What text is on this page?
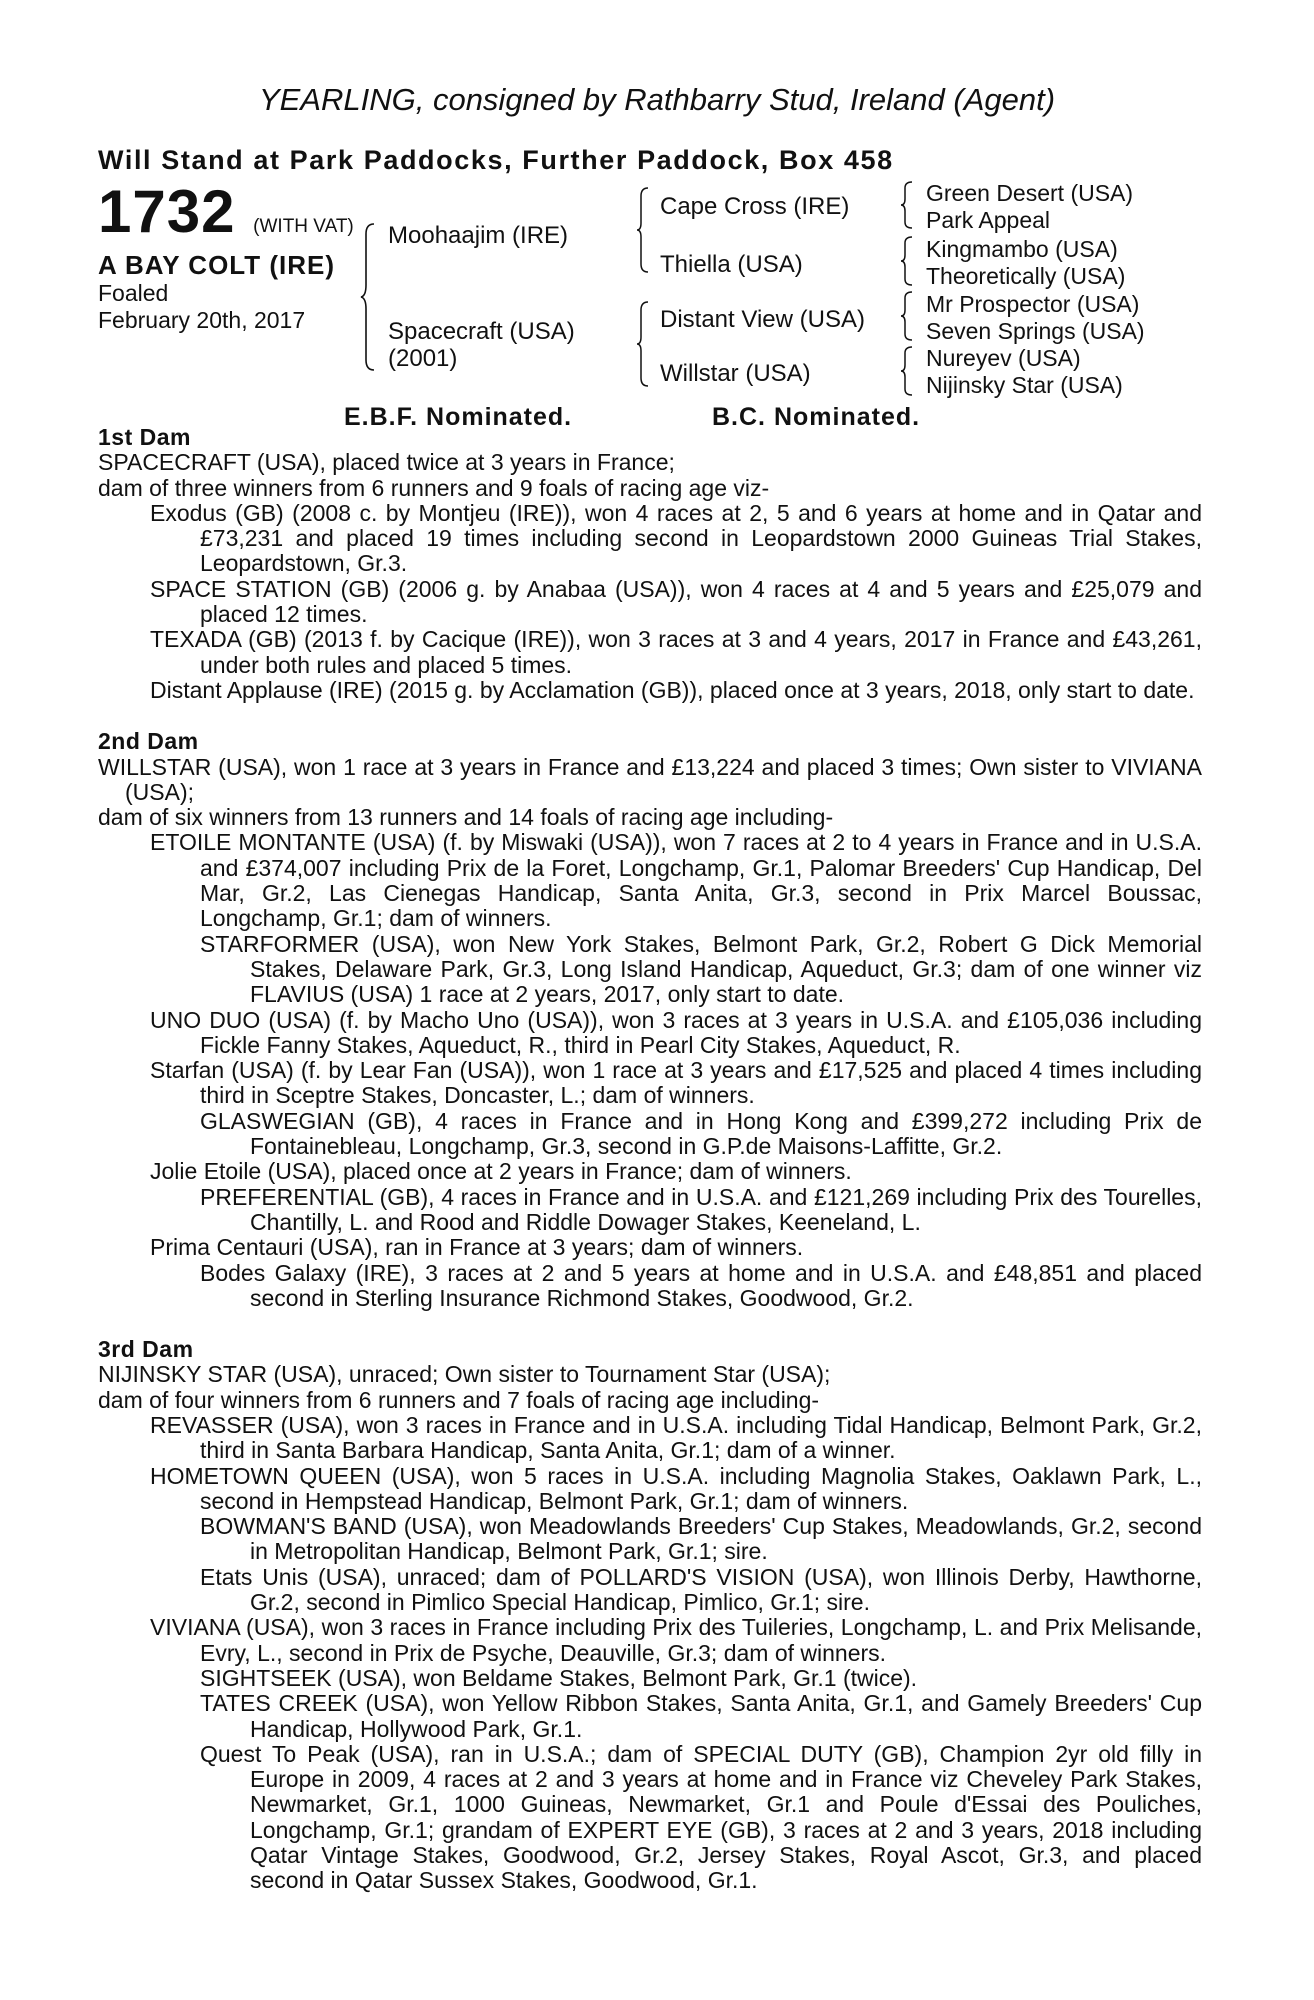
YEARLING, consigned by Rathbarry Stud, Ireland (Agent)
Will Stand at Park Paddocks, Further Paddock, Box 458
1732 (WITH VAT)
A BAY COLT (IRE)
Foaled
February 20th, 2017
Moohaajim (IRE)
Spacecraft (USA)
(2001)
Cape Cross (IRE)
Thiella (USA)
Distant View (USA)
Willstar (USA)
Green Desert (USA)
Park Appeal
Kingmambo (USA)
Theoretically (USA)
Mr Prospector (USA)
Seven Springs (USA)
Nureyev (USA)
Nijinsky Star (USA)
E.B.F. Nominated.	B.C. Nominated.
1st Dam
SPACECRAFT (USA), placed twice at 3 years in France;
dam of three winners from 6 runners and 9 foals of racing age viz-
Exodus (GB) (2008 c. by Montjeu (IRE)), won 4 races at 2, 5 and 6 years at home and in Qatar and £73,231 and placed 19 times including second in Leopardstown 2000 Guineas Trial Stakes, Leopardstown, Gr.3.
SPACE STATION (GB) (2006 g. by Anabaa (USA)), won 4 races at 4 and 5 years and £25,079 and placed 12 times.
TEXADA (GB) (2013 f. by Cacique (IRE)), won 3 races at 3 and 4 years, 2017 in France and £43,261, under both rules and placed 5 times.
Distant Applause (IRE) (2015 g. by Acclamation (GB)), placed once at 3 years, 2018, only start to date.
2nd Dam
WILLSTAR (USA), won 1 race at 3 years in France and £13,224 and placed 3 times; Own sister to VIVIANA (USA);
dam of six winners from 13 runners and 14 foals of racing age including-
ETOILE MONTANTE (USA) (f. by Miswaki (USA)), won 7 races at 2 to 4 years in France and in U.S.A. and £374,007 including Prix de la Foret, Longchamp, Gr.1, Palomar Breeders' Cup Handicap, Del Mar, Gr.2, Las Cienegas Handicap, Santa Anita, Gr.3, second in Prix Marcel Boussac, Longchamp, Gr.1; dam of winners.
STARFORMER (USA), won New York Stakes, Belmont Park, Gr.2, Robert G Dick Memorial Stakes, Delaware Park, Gr.3, Long Island Handicap, Aqueduct, Gr.3; dam of one winner viz FLAVIUS (USA) 1 race at 2 years, 2017, only start to date.
UNO DUO (USA) (f. by Macho Uno (USA)), won 3 races at 3 years in U.S.A. and £105,036 including Fickle Fanny Stakes, Aqueduct, R., third in Pearl City Stakes, Aqueduct, R.
Starfan (USA) (f. by Lear Fan (USA)), won 1 race at 3 years and £17,525 and placed 4 times including third in Sceptre Stakes, Doncaster, L.; dam of winners.
GLASWEGIAN (GB), 4 races in France and in Hong Kong and £399,272 including Prix de Fontainebleau, Longchamp, Gr.3, second in G.P.de Maisons-Laffitte, Gr.2.
Jolie Etoile (USA), placed once at 2 years in France; dam of winners.
PREFERENTIAL (GB), 4 races in France and in U.S.A. and £121,269 including Prix des Tourelles, Chantilly, L. and Rood and Riddle Dowager Stakes, Keeneland, L.
Prima Centauri (USA), ran in France at 3 years; dam of winners.
Bodes Galaxy (IRE), 3 races at 2 and 5 years at home and in U.S.A. and £48,851 and placed second in Sterling Insurance Richmond Stakes, Goodwood, Gr.2.
3rd Dam
NIJINSKY STAR (USA), unraced; Own sister to Tournament Star (USA);
dam of four winners from 6 runners and 7 foals of racing age including-
REVASSER (USA), won 3 races in France and in U.S.A. including Tidal Handicap, Belmont Park, Gr.2, third in Santa Barbara Handicap, Santa Anita, Gr.1; dam of a winner.
HOMETOWN QUEEN (USA), won 5 races in U.S.A. including Magnolia Stakes, Oaklawn Park, L., second in Hempstead Handicap, Belmont Park, Gr.1; dam of winners.
BOWMAN'S BAND (USA), won Meadowlands Breeders' Cup Stakes, Meadowlands, Gr.2, second in Metropolitan Handicap, Belmont Park, Gr.1; sire.
Etats Unis (USA), unraced; dam of POLLARD'S VISION (USA), won Illinois Derby, Hawthorne, Gr.2, second in Pimlico Special Handicap, Pimlico, Gr.1; sire.
VIVIANA (USA), won 3 races in France including Prix des Tuileries, Longchamp, L. and Prix Melisande, Evry, L., second in Prix de Psyche, Deauville, Gr.3; dam of winners.
SIGHTSEEK (USA), won Beldame Stakes, Belmont Park, Gr.1 (twice).
TATES CREEK (USA), won Yellow Ribbon Stakes, Santa Anita, Gr.1, and Gamely Breeders' Cup Handicap, Hollywood Park, Gr.1.
Quest To Peak (USA), ran in U.S.A.; dam of SPECIAL DUTY (GB), Champion 2yr old filly in Europe in 2009, 4 races at 2 and 3 years at home and in France viz Cheveley Park Stakes, Newmarket, Gr.1, 1000 Guineas, Newmarket, Gr.1 and Poule d'Essai des Pouliches, Longchamp, Gr.1; grandam of EXPERT EYE (GB), 3 races at 2 and 3 years, 2018 including Qatar Vintage Stakes, Goodwood, Gr.2, Jersey Stakes, Royal Ascot, Gr.3, and placed second in Qatar Sussex Stakes, Goodwood, Gr.1.
